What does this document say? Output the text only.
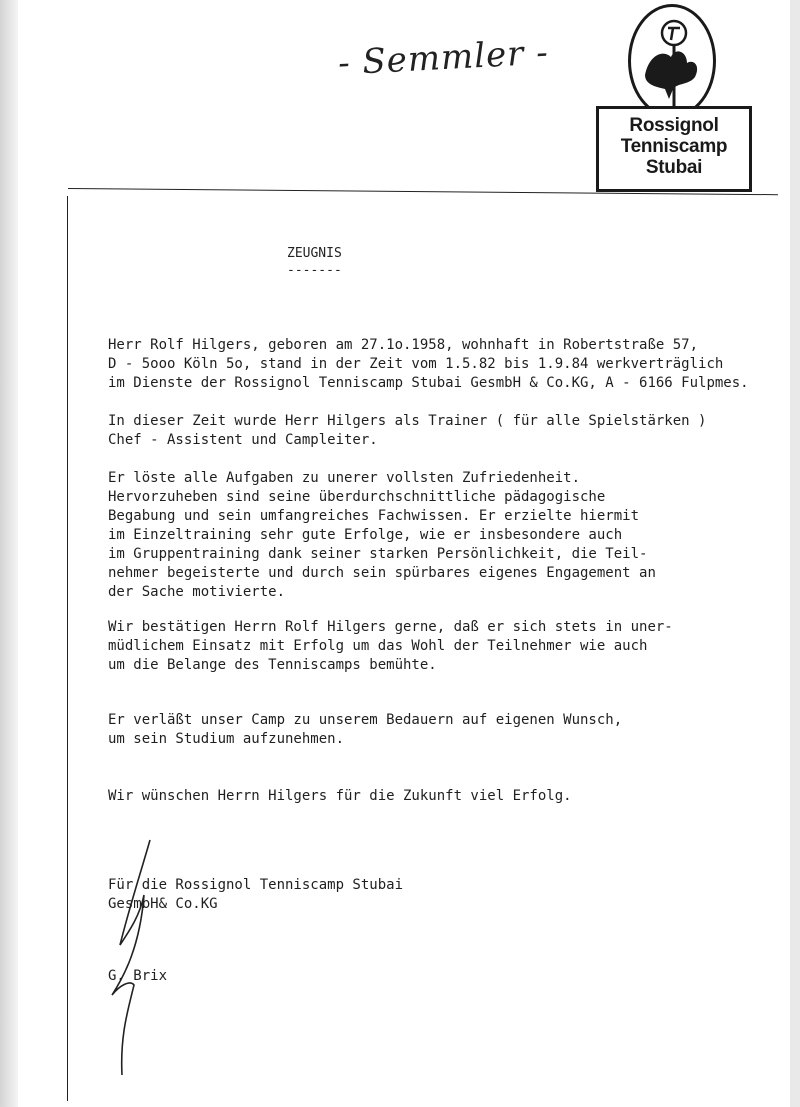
- Semmler -
Rossignol
Tenniscamp
Stubai
ZEUGNIS
-------

Herr Rolf Hilgers, geboren am 27.1o.1958, wohnhaft in Robertstraße 57,
D - 5ooo Köln 5o, stand in der Zeit vom 1.5.82 bis 1.9.84 werkverträglich
im Dienste der Rossignol Tenniscamp Stubai GesmbH & Co.KG, A - 6166 Fulpmes.

In dieser Zeit wurde Herr Hilgers als Trainer ( für alle Spielstärken )
Chef - Assistent und Campleiter.

Er löste alle Aufgaben zu unerer vollsten Zufriedenheit.
Hervorzuheben sind seine überdurchschnittliche pädagogische
Begabung und sein umfangreiches Fachwissen. Er erzielte hiermit
im Einzeltraining sehr gute Erfolge, wie er insbesondere auch
im Gruppentraining dank seiner starken Persönlichkeit, die Teil-
nehmer begeisterte und durch sein spürbares eigenes Engagement an
der Sache motivierte.

Wir bestätigen Herrn Rolf Hilgers gerne, daß er sich stets in uner-
müdlichem Einsatz mit Erfolg um das Wohl der Teilnehmer wie auch
um die Belange des Tenniscamps bemühte.

Er verläßt unser Camp zu unserem Bedauern auf eigenen Wunsch,
um sein Studium aufzunehmen.

Wir wünschen Herrn Hilgers für die Zukunft viel Erfolg.

Für die Rossignol Tenniscamp Stubai
GesmbH& Co.KG

G. Brix
